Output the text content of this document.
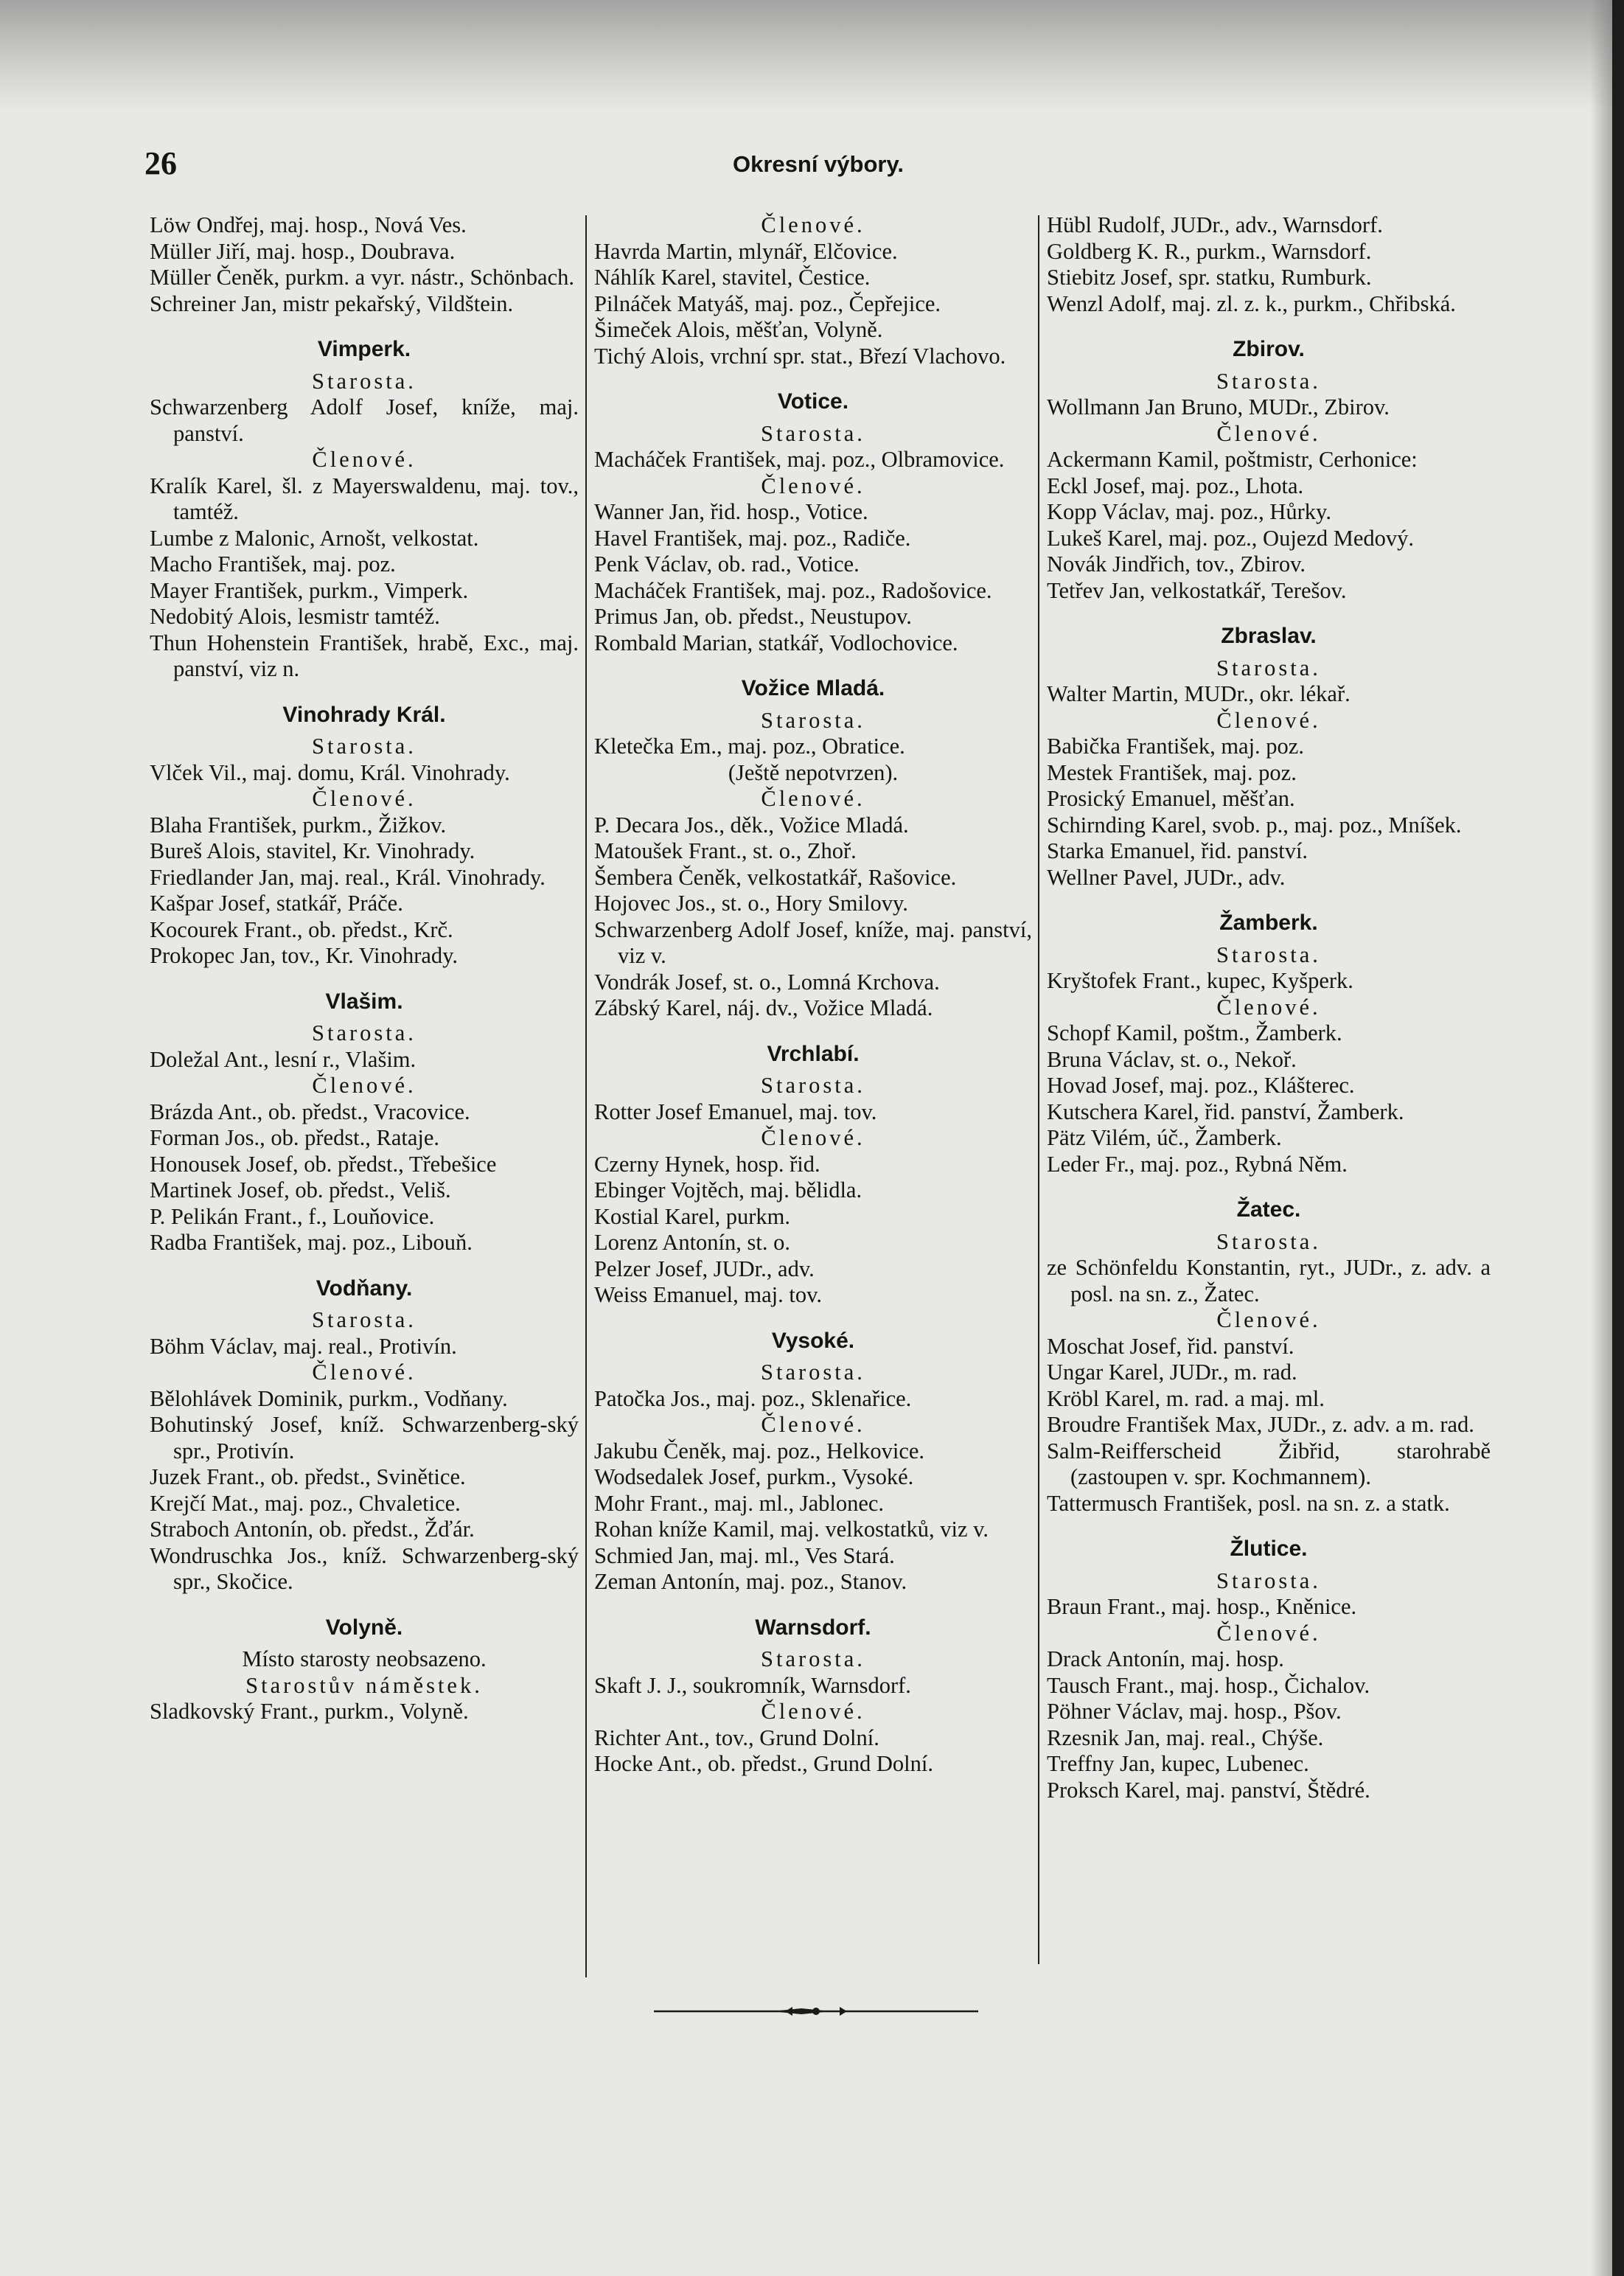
26	Okresní výbory.
Löw Ondřej, maj. hosp., Nová Ves.
Müller Jiří, maj. hosp., Doubrava.
Müller Čeněk, purkm. a vyr. nástr., Schönbach.
Schreiner Jan, mistr pekařský, Vildštein.
Vimperk.
Starosta.
Schwarzenberg Adolf Josef, kníže, maj. panství.
Členové.
Kralík Karel, šl. z Mayerswaldenu, maj. tov., tamtéž.
Lumbe z Malonic, Arnošt, velkostat.
Macho František, maj. poz.
Mayer František, purkm., Vimperk.
Nedobitý Alois, lesmistr tamtéž.
Thun Hohenstein František, hrabě, Exc., maj. panství, viz n.
Vinohrady Král.
Starosta.
Vlček Vil., maj. domu, Král. Vinohrady.
Členové.
Blaha František, purkm., Žižkov.
Bureš Alois, stavitel, Kr. Vinohrady.
Friedlander Jan, maj. real., Král. Vinohrady.
Kašpar Josef, statkář, Práče.
Kocourek Frant., ob. předst., Krč.
Prokopec Jan, tov., Kr. Vinohrady.
Vlašim.
Starosta.
Doležal Ant., lesní r., Vlašim.
Členové.
Brázda Ant., ob. předst., Vracovice.
Forman Jos., ob. předst., Rataje.
Honousek Josef, ob. předst., Třebešice
Martinek Josef, ob. předst., Veliš.
P. Pelikán Frant., f., Louňovice.
Radba František, maj. poz., Libouň.
Vodňany.
Starosta.
Böhm Václav, maj. real., Protivín.
Členové.
Bělohlávek Dominik, purkm., Vodňany.
Bohutinský Josef, kníž. Schwarzenberg-ský spr., Protivín.
Juzek Frant., ob. předst., Svinětice.
Krejčí Mat., maj. poz., Chvaletice.
Straboch Antonín, ob. předst., Žďár.
Wondruschka Jos., kníž. Schwarzenberg-ský spr., Skočice.
Volyně.
Místo starosty neobsazeno.
Starostův náměstek.
Sladkovský Frant., purkm., Volyně.
Členové.
Havrda Martin, mlynář, Elčovice.
Náhlík Karel, stavitel, Čestice.
Pilnáček Matyáš, maj. poz., Čepřejice.
Šimeček Alois, měšťan, Volyně.
Tichý Alois, vrchní spr. stat., Březí Vlachovo.
Votice.
Starosta.
Macháček František, maj. poz., Olbramovice.
Členové.
Wanner Jan, řid. hosp., Votice.
Havel František, maj. poz., Radiče.
Penk Václav, ob. rad., Votice.
Macháček František, maj. poz., Radošovice.
Primus Jan, ob. předst., Neustupov.
Rombald Marian, statkář, Vodlochovice.
Vožice Mladá.
Starosta.
Kletečka Em., maj. poz., Obratice.
(Ještě nepotvrzen).
Členové.
P. Decara Jos., děk., Vožice Mladá.
Matoušek Frant., st. o., Zhoř.
Šembera Čeněk, velkostatkář, Rašovice.
Hojovec Jos., st. o., Hory Smilovy.
Schwarzenberg Adolf Josef, kníže, maj. panství, viz v.
Vondrák Josef, st. o., Lomná Krchova.
Zábský Karel, náj. dv., Vožice Mladá.
Vrchlabí.
Starosta.
Rotter Josef Emanuel, maj. tov.
Členové.
Czerny Hynek, hosp. řid.
Ebinger Vojtěch, maj. bělidla.
Kostial Karel, purkm.
Lorenz Antonín, st. o.
Pelzer Josef, JUDr., adv.
Weiss Emanuel, maj. tov.
Vysoké.
Starosta.
Patočka Jos., maj. poz., Sklenařice.
Členové.
Jakubu Čeněk, maj. poz., Helkovice.
Wodsedalek Josef, purkm., Vysoké.
Mohr Frant., maj. ml., Jablonec.
Rohan kníže Kamil, maj. velkostatků, viz v.
Schmied Jan, maj. ml., Ves Stará.
Zeman Antonín, maj. poz., Stanov.
Warnsdorf.
Starosta.
Skaft J. J., soukromník, Warnsdorf.
Členové.
Richter Ant., tov., Grund Dolní.
Hocke Ant., ob. předst., Grund Dolní.
Hübl Rudolf, JUDr., adv., Warnsdorf.
Goldberg K. R., purkm., Warnsdorf.
Stiebitz Josef, spr. statku, Rumburk.
Wenzl Adolf, maj. zl. z. k., purkm., Chřibská.
Zbirov.
Starosta.
Wollmann Jan Bruno, MUDr., Zbirov.
Členové.
Ackermann Kamil, poštmistr, Cerhonice:
Eckl Josef, maj. poz., Lhota.
Kopp Václav, maj. poz., Hůrky.
Lukeš Karel, maj. poz., Oujezd Medový.
Novák Jindřich, tov., Zbirov.
Tetřev Jan, velkostatkář, Terešov.
Zbraslav.
Starosta.
Walter Martin, MUDr., okr. lékař.
Členové.
Babička František, maj. poz.
Mestek František, maj. poz.
Prosický Emanuel, měšťan.
Schirnding Karel, svob. p., maj. poz., Mníšek.
Starka Emanuel, řid. panství.
Wellner Pavel, JUDr., adv.
Žamberk.
Starosta.
Kryštofek Frant., kupec, Kyšperk.
Členové.
Schopf Kamil, poštm., Žamberk.
Bruna Václav, st. o., Nekoř.
Hovad Josef, maj. poz., Klášterec.
Kutschera Karel, řid. panství, Žamberk.
Pätz Vilém, úč., Žamberk.
Leder Fr., maj. poz., Rybná Něm.
Žatec.
Starosta.
ze Schönfeldu Konstantin, ryt., JUDr., z. adv. a posl. na sn. z., Žatec.
Členové.
Moschat Josef, řid. panství.
Ungar Karel, JUDr., m. rad.
Kröbl Karel, m. rad. a maj. ml.
Broudre František Max, JUDr., z. adv. a m. rad.
Salm-Reifferscheid Žibřid, starohrabě (zastoupen v. spr. Kochmannem).
Tattermusch František, posl. na sn. z. a statk.
Žlutice.
Starosta.
Braun Frant., maj. hosp., Kněnice.
Členové.
Drack Antonín, maj. hosp.
Tausch Frant., maj. hosp., Čichalov.
Pöhner Václav, maj. hosp., Pšov.
Rzesnik Jan, maj. real., Chýše.
Treffny Jan, kupec, Lubenec.
Proksch Karel, maj. panství, Štědré.
